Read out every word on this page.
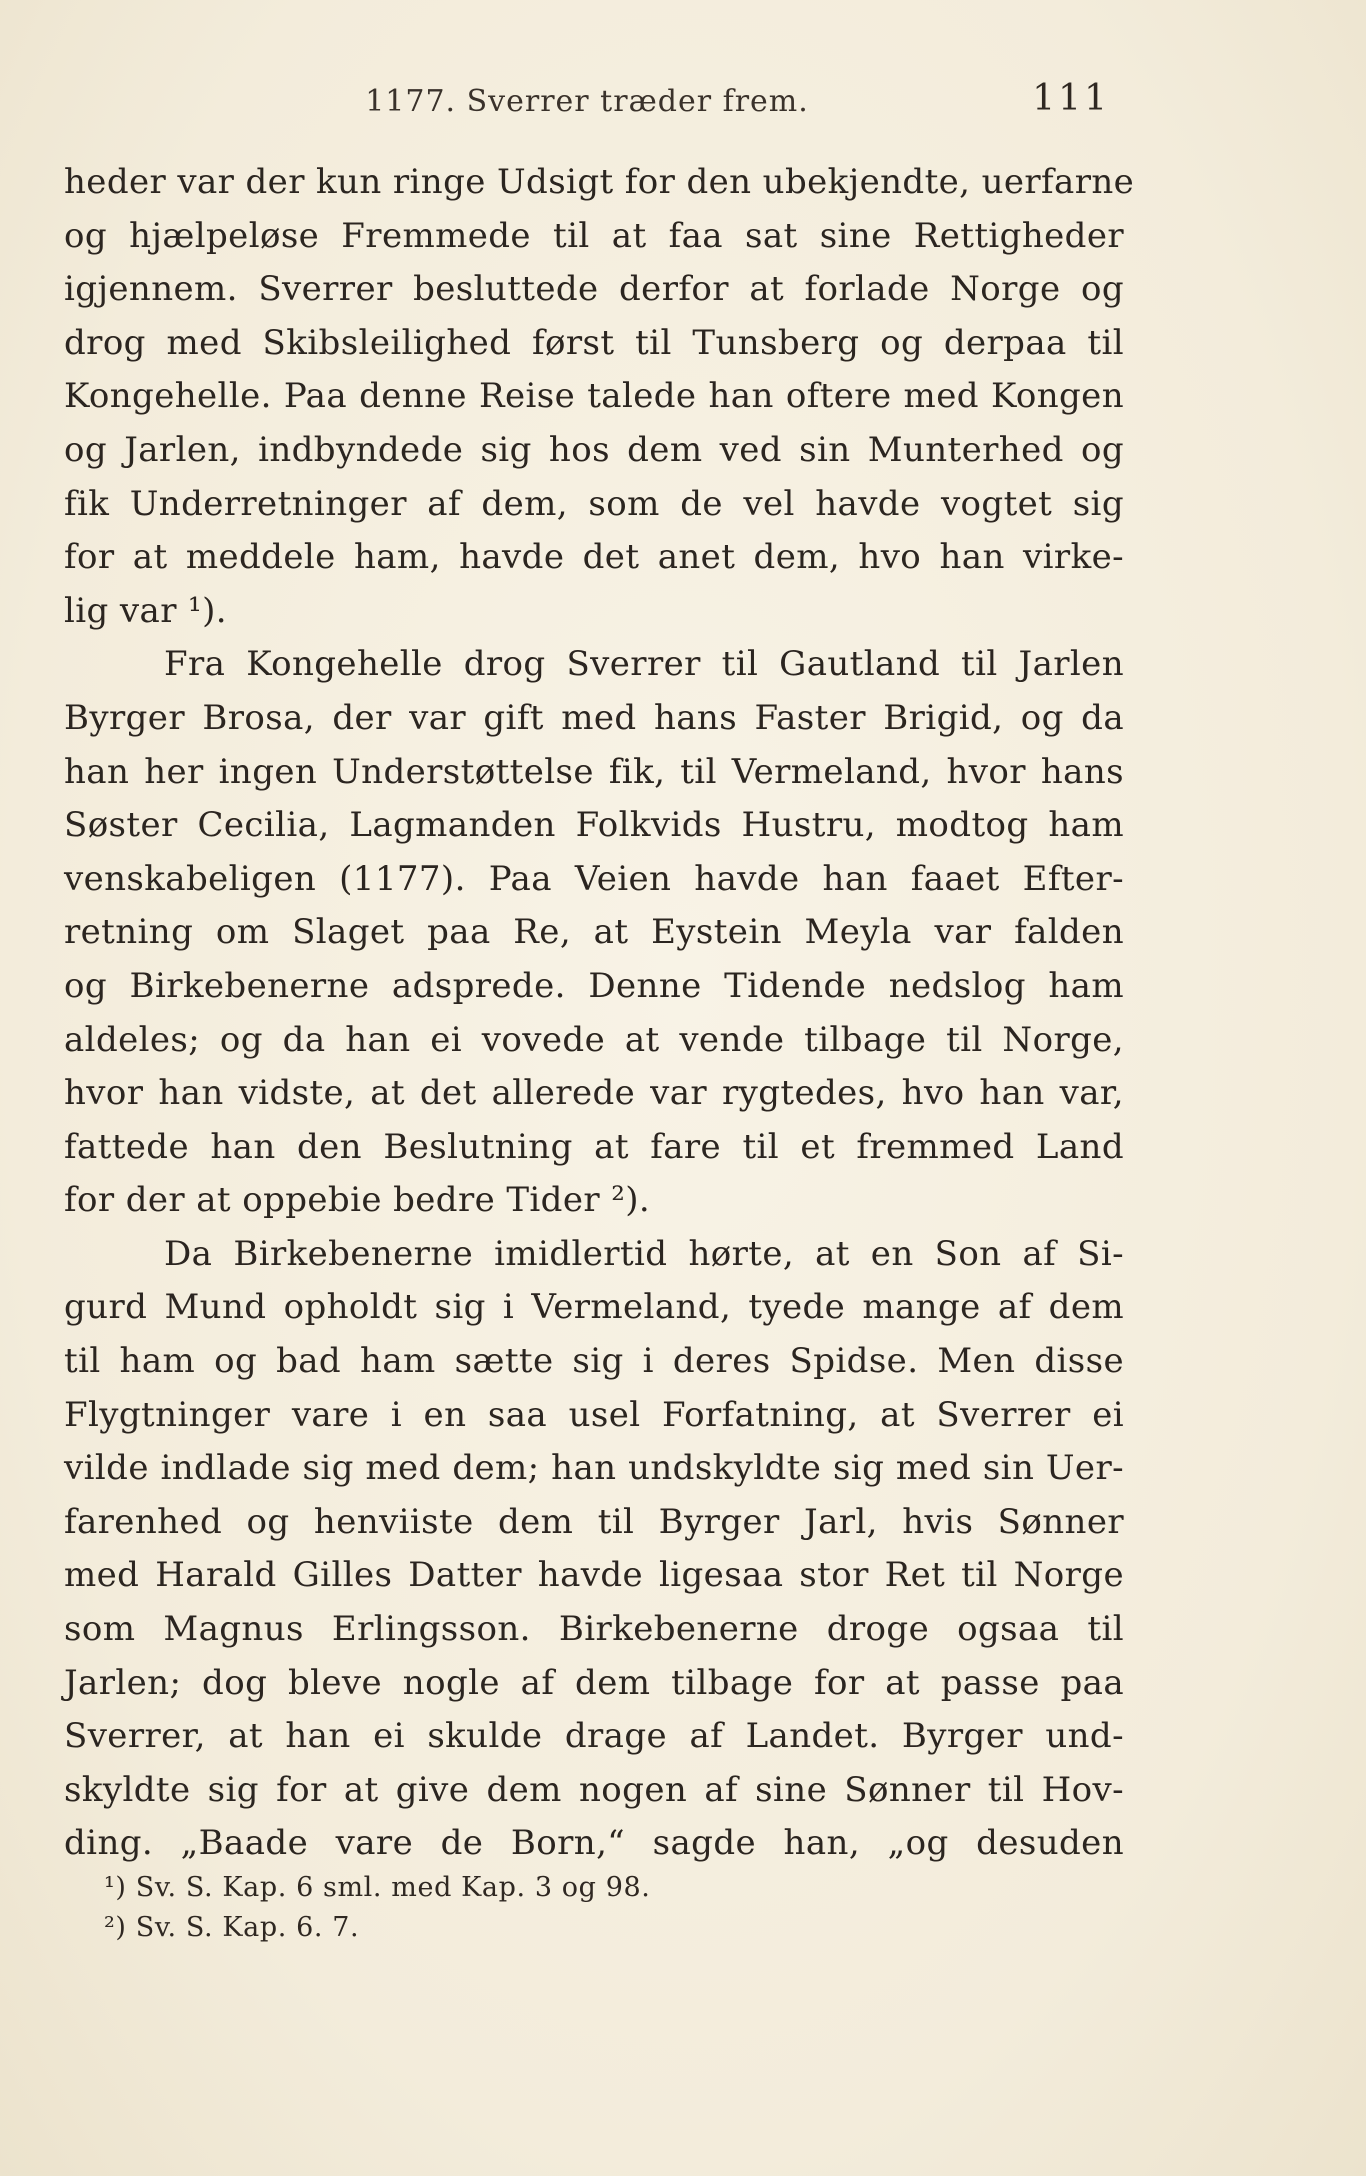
1177. Sverrer træder frem.	111
heder var der kun ringe Udsigt for den ubekjendte, uerfarne
og hjælpeløse Fremmede til at faa sat sine Rettigheder
igjennem. Sverrer besluttede derfor at forlade Norge og
drog med Skibsleilighed først til Tunsberg og derpaa til
Kongehelle. Paa denne Reise talede han oftere med Kongen
og Jarlen, indbyndede sig hos dem ved sin Munterhed og
fik Underretninger af dem, som de vel havde vogtet sig
for at meddele ham, havde det anet dem, hvo han virke-
lig var ¹).
Fra Kongehelle drog Sverrer til Gautland til Jarlen
Byrger Brosa, der var gift med hans Faster Brigid, og da
han her ingen Understøttelse fik, til Vermeland, hvor hans
Søster Cecilia, Lagmanden Folkvids Hustru, modtog ham
venskabeligen (1177). Paa Veien havde han faaet Efter-
retning om Slaget paa Re, at Eystein Meyla var falden
og Birkebenerne adsprede. Denne Tidende nedslog ham
aldeles; og da han ei vovede at vende tilbage til Norge,
hvor han vidste, at det allerede var rygtedes, hvo han var,
fattede han den Beslutning at fare til et fremmed Land
for der at oppebie bedre Tider ²).
Da Birkebenerne imidlertid hørte, at en Son af Si-
gurd Mund opholdt sig i Vermeland, tyede mange af dem
til ham og bad ham sætte sig i deres Spidse. Men disse
Flygtninger vare i en saa usel Forfatning, at Sverrer ei
vilde indlade sig med dem; han undskyldte sig med sin Uer-
farenhed og henviiste dem til Byrger Jarl, hvis Sønner
med Harald Gilles Datter havde ligesaa stor Ret til Norge
som Magnus Erlingsson. Birkebenerne droge ogsaa til
Jarlen; dog bleve nogle af dem tilbage for at passe paa
Sverrer, at han ei skulde drage af Landet. Byrger und-
skyldte sig for at give dem nogen af sine Sønner til Hov-
ding. „Baade vare de Born,“ sagde han, „og desuden
¹) Sv. S. Kap. 6 sml. med Kap. 3 og 98.
²) Sv. S. Kap. 6. 7.
